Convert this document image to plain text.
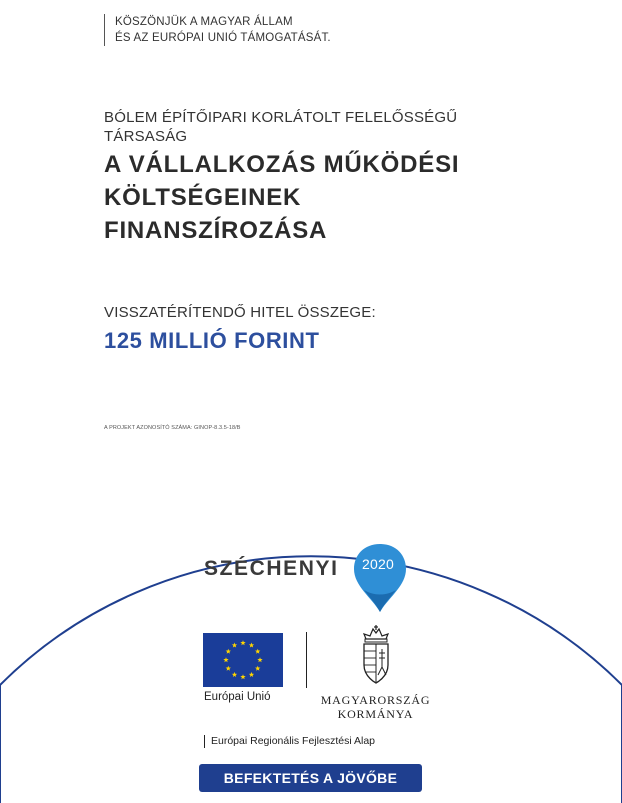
KÖSZÖNJÜK A MAGYAR ÁLLAM
ÉS AZ EURÓPAI UNIÓ TÁMOGATÁSÁT.
BÓLEM ÉPÍTŐIPARI KORLÁTOLT FELELŐSSÉGŰ TÁRSASÁG
A VÁLLALKOZÁS MŰKÖDÉSI
KÖLTSÉGEINEK
FINANSZÍROZÁSA
VISSZATÉRÍTENDŐ HITEL ÖSSZEGE:
125 MILLIÓ FORINT
A PROJEKT AZONOSÍTÓ SZÁMA: GINOP-8.3.5-18/B
SZÉCHENYI	2020
Európai Unió	MAGYARORSZÁG
KORMÁNYA
Európai Regionális Fejlesztési Alap
BEFEKTETÉS A JÖVŐBE
